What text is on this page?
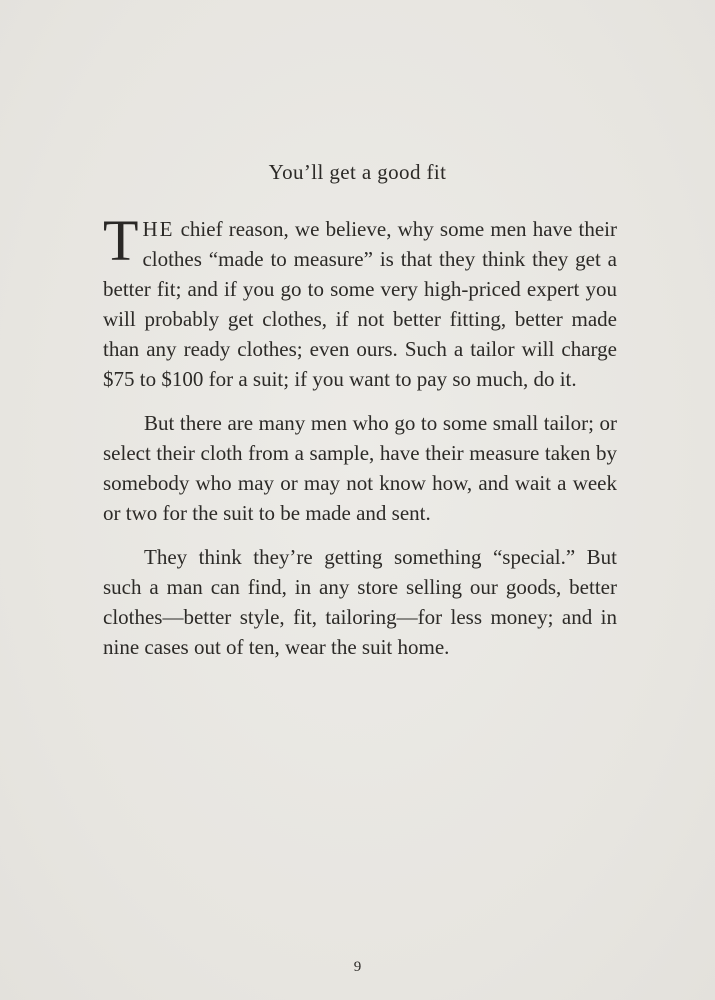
You’ll get a good fit

THE chief reason, we believe, why some men have their clothes “made to measure” is that they think they get a better fit; and if you go to some very high-priced expert you will probably get clothes, if not better fitting, better made than any ready clothes; even ours. Such a tailor will charge $75 to $100 for a suit; if you want to pay so much, do it.

But there are many men who go to some small tailor; or select their cloth from a sample, have their measure taken by somebody who may or may not know how, and wait a week or two for the suit to be made and sent.

They think they’re getting something “special.” But such a man can find, in any store selling our goods, better clothes—better style, fit, tailoring—for less money; and in nine cases out of ten, wear the suit home.

9
